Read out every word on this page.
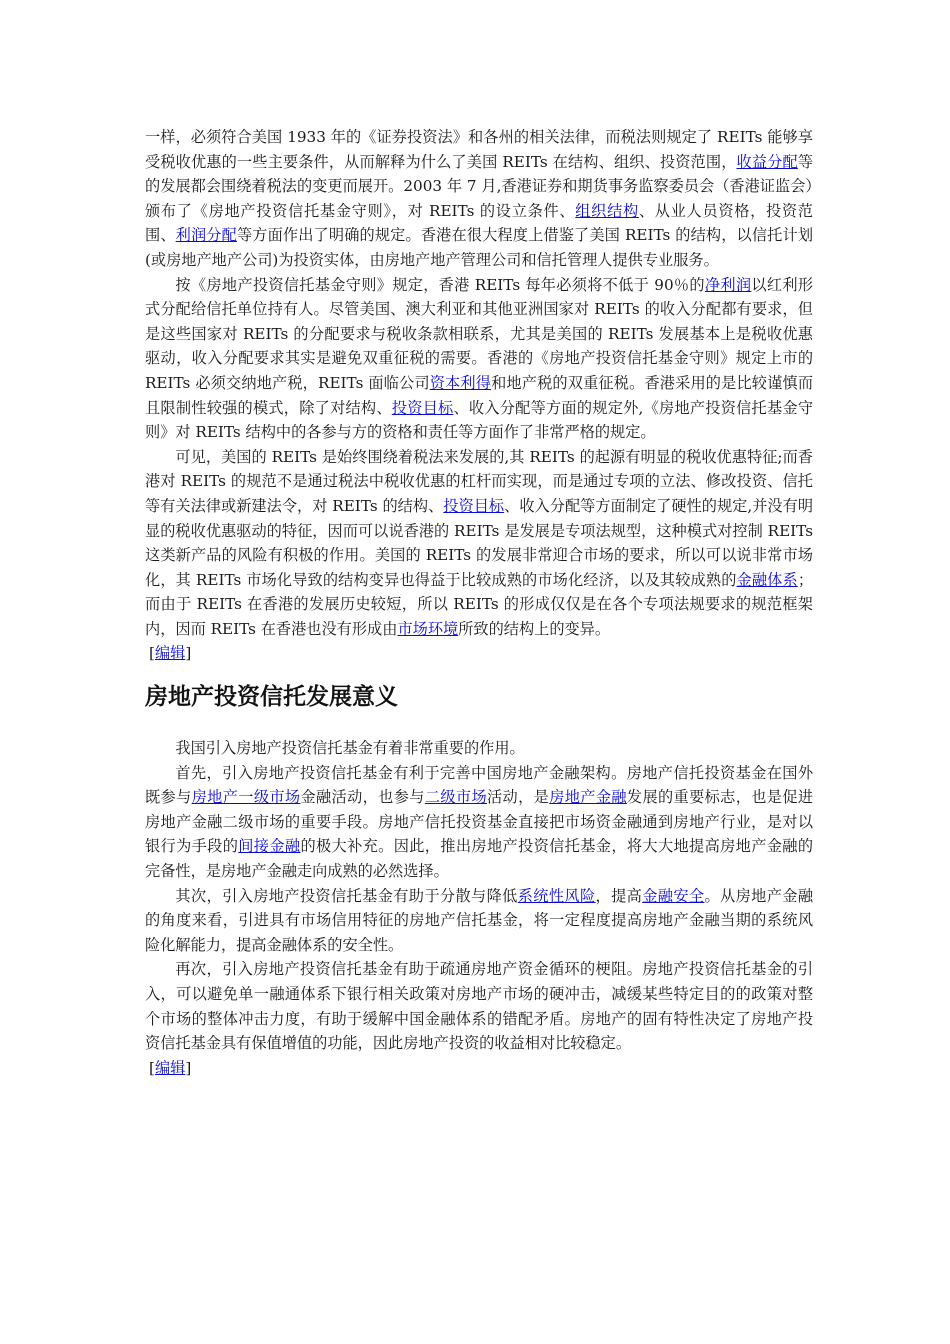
一样，必须符合美国 1933 年的《证券投资法》和各州的相关法律，而税法则规定了 REITs 能够享受税收优惠的一些主要条件，从而解释为什么了美国 REITs 在结构、组织、投资范围，收益分配等的发展都会围绕着税法的变更而展开。2003 年 7 月,香港证券和期货事务监察委员会（香港证监会）颁布了《房地产投资信托基金守则》，对 REITs 的设立条件、组织结构、从业人员资格，投资范围、利润分配等方面作出了明确的规定。香港在很大程度上借鉴了美国 REITs 的结构，以信托计划(或房地产地产公司)为投资实体，由房地产地产管理公司和信托管理人提供专业服务。

按《房地产投资信托基金守则》规定，香港 REITs 每年必须将不低于 90％的净利润以红利形式分配给信托单位持有人。尽管美国、澳大利亚和其他亚洲国家对 REITs 的收入分配都有要求，但是这些国家对 REITs 的分配要求与税收条款相联系，尤其是美国的 REITs 发展基本上是税收优惠驱动，收入分配要求其实是避免双重征税的需要。香港的《房地产投资信托基金守则》规定上市的 REITs 必须交纳地产税，REITs 面临公司资本利得和地产税的双重征税。香港采用的是比较谨慎而且限制性较强的模式，除了对结构、投资目标、收入分配等方面的规定外,《房地产投资信托基金守则》对 REITs 结构中的各参与方的资格和责任等方面作了非常严格的规定。

可见，美国的 REITs 是始终围绕着税法来发展的,其 REITs 的起源有明显的税收优惠特征;而香港对 REITs 的规范不是通过税法中税收优惠的杠杆而实现，而是通过专项的立法、修改投资、信托等有关法律或新建法令，对 REITs 的结构、投资目标、收入分配等方面制定了硬性的规定,并没有明显的税收优惠驱动的特征，因而可以说香港的 REITs 是发展是专项法规型，这种模式对控制 REITs 这类新产品的风险有积极的作用。美国的 REITs 的发展非常迎合市场的要求，所以可以说非常市场化，其 REITs 市场化导致的结构变异也得益于比较成熟的市场化经济，以及其较成熟的金融体系；而由于 REITs 在香港的发展历史较短，所以 REITs 的形成仅仅是在各个专项法规要求的规范框架内，因而 REITs 在香港也没有形成由市场环境所致的结构上的变异。

[编辑]
房地产投资信托发展意义

我国引入房地产投资信托基金有着非常重要的作用。

首先，引入房地产投资信托基金有利于完善中国房地产金融架构。房地产信托投资基金在国外既参与房地产一级市场金融活动，也参与二级市场活动，是房地产金融发展的重要标志，也是促进房地产金融二级市场的重要手段。房地产信托投资基金直接把市场资金融通到房地产行业，是对以银行为手段的间接金融的极大补充。因此，推出房地产投资信托基金，将大大地提高房地产金融的完备性，是房地产金融走向成熟的必然选择。

其次，引入房地产投资信托基金有助于分散与降低系统性风险，提高金融安全。从房地产金融的角度来看，引进具有市场信用特征的房地产信托基金，将一定程度提高房地产金融当期的系统风险化解能力，提高金融体系的安全性。

再次，引入房地产投资信托基金有助于疏通房地产资金循环的梗阻。房地产投资信托基金的引入，可以避免单一融通体系下银行相关政策对房地产市场的硬冲击，减缓某些特定目的的政策对整个市场的整体冲击力度，有助于缓解中国金融体系的错配矛盾。房地产的固有特性决定了房地产投资信托基金具有保值增值的功能，因此房地产投资的收益相对比较稳定。

[编辑]
